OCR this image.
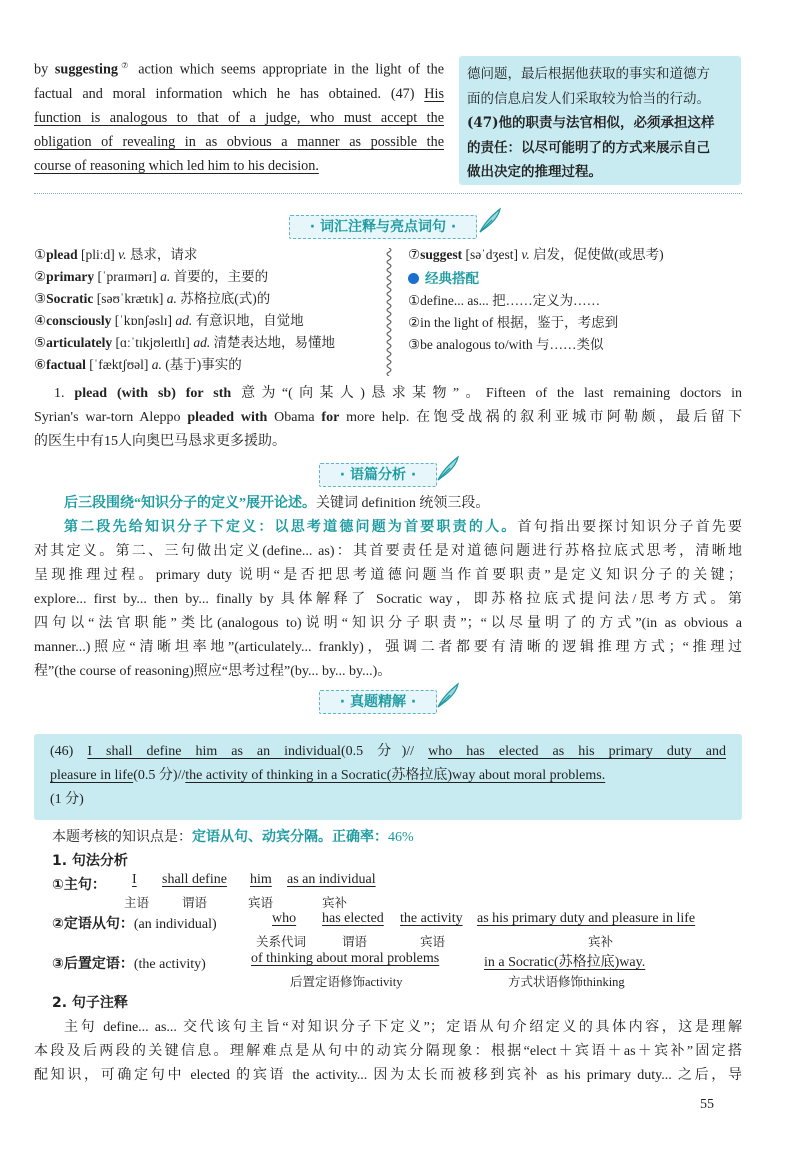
by suggesting⑦ action which seems appropriate in the light of the
factual and moral information which he has obtained. (47) His
function is analogous to that of a judge, who must accept the
obligation of revealing in as obvious a manner as possible the
course of reasoning which led him to his decision.
德问题，最后根据他获取的事实和道德方
面的信息启发人们采取较为恰当的行动。
(47)他的职责与法官相似，必须承担这样
的责任：以尽可能明了的方式来展示自己
做出决定的推理过程。
· 词汇注释与亮点词句 ·
①plead [pliːd] v. 恳求，请求
②primary [ˈpraɪmərɪ] a. 首要的，主要的
③Socratic [səʊˈkrætɪk] a. 苏格拉底(式)的
④consciously [ˈkɒnʃəslɪ] ad. 有意识地，自觉地
⑤articulately [ɑːˈtɪkjʊleɪtlɪ] ad. 清楚表达地，易懂地
⑥factual [ˈfæktʃʊəl] a. (基于)事实的
⑦suggest [səˈdʒest] v. 启发，促使做(或思考)
经典搭配
①define... as... 把……定义为……
②in the light of 根据，鉴于，考虑到
③be analogous to/with 与……类似
1. plead (with sb) for sth 意为“(向某人)恳求某物”。Fifteen of the last remaining doctors in
Syrian's war-torn Aleppo pleaded with Obama for more help. 在饱受战祸的叙利亚城市阿勒颇，最后留下
的医生中有15人向奥巴马恳求更多援助。
· 语篇分析 ·
后三段围绕“知识分子的定义”展开论述。关键词 definition 统领三段。
第二段先给知识分子下定义：以思考道德问题为首要职责的人。首句指出要探讨知识分子首先要
对其定义。第二、三句做出定义(define... as)：其首要责任是对道德问题进行苏格拉底式思考，清晰地
呈现推理过程。primary duty 说明“是否把思考道德问题当作首要职责”是定义知识分子的关键；
explore... first by... then by... finally by 具体解释了 Socratic way，即苏格拉底式提问法/思考方式。第
四句以“法官职能”类比(analogous to)说明“知识分子职责”；“以尽量明了的方式”(in as obvious a
manner...)照应“清晰坦率地”(articulately... frankly)，强调二者都要有清晰的逻辑推理方式；“推理过
程”(the course of reasoning)照应“思考过程”(by... by... by...)。
· 真题精解 ·
(46) I shall define him as an individual(0.5 分)// who has elected as his primary duty and
pleasure in life(0.5 分)//the activity of thinking in a Socratic(苏格拉底)way about moral problems.
(1 分)
本题考核的知识点是：定语从句、动宾分隔。正确率：46%
1. 句法分析
①主句： I
主语
shall define
谓语
him
宾语
as an individual
宾补
②定语从句：(an individual)	who
关系代词
has elected
谓语
the activity
宾语
as his primary duty and pleasure in life
宾补
③后置定语：(the activity)	of thinking about moral problems
后置定语修饰activity
in a Socratic(苏格拉底)way.
方式状语修饰thinking
2. 句子注释
主句 define... as... 交代该句主旨“对知识分子下定义”；定语从句介绍定义的具体内容，这是理解
本段及后两段的关键信息。理解难点是从句中的动宾分隔现象：根据“elect＋宾语＋as＋宾补”固定搭
配知识，可确定句中 elected 的宾语 the activity... 因为太长而被移到宾补 as his primary duty... 之后，导
55
